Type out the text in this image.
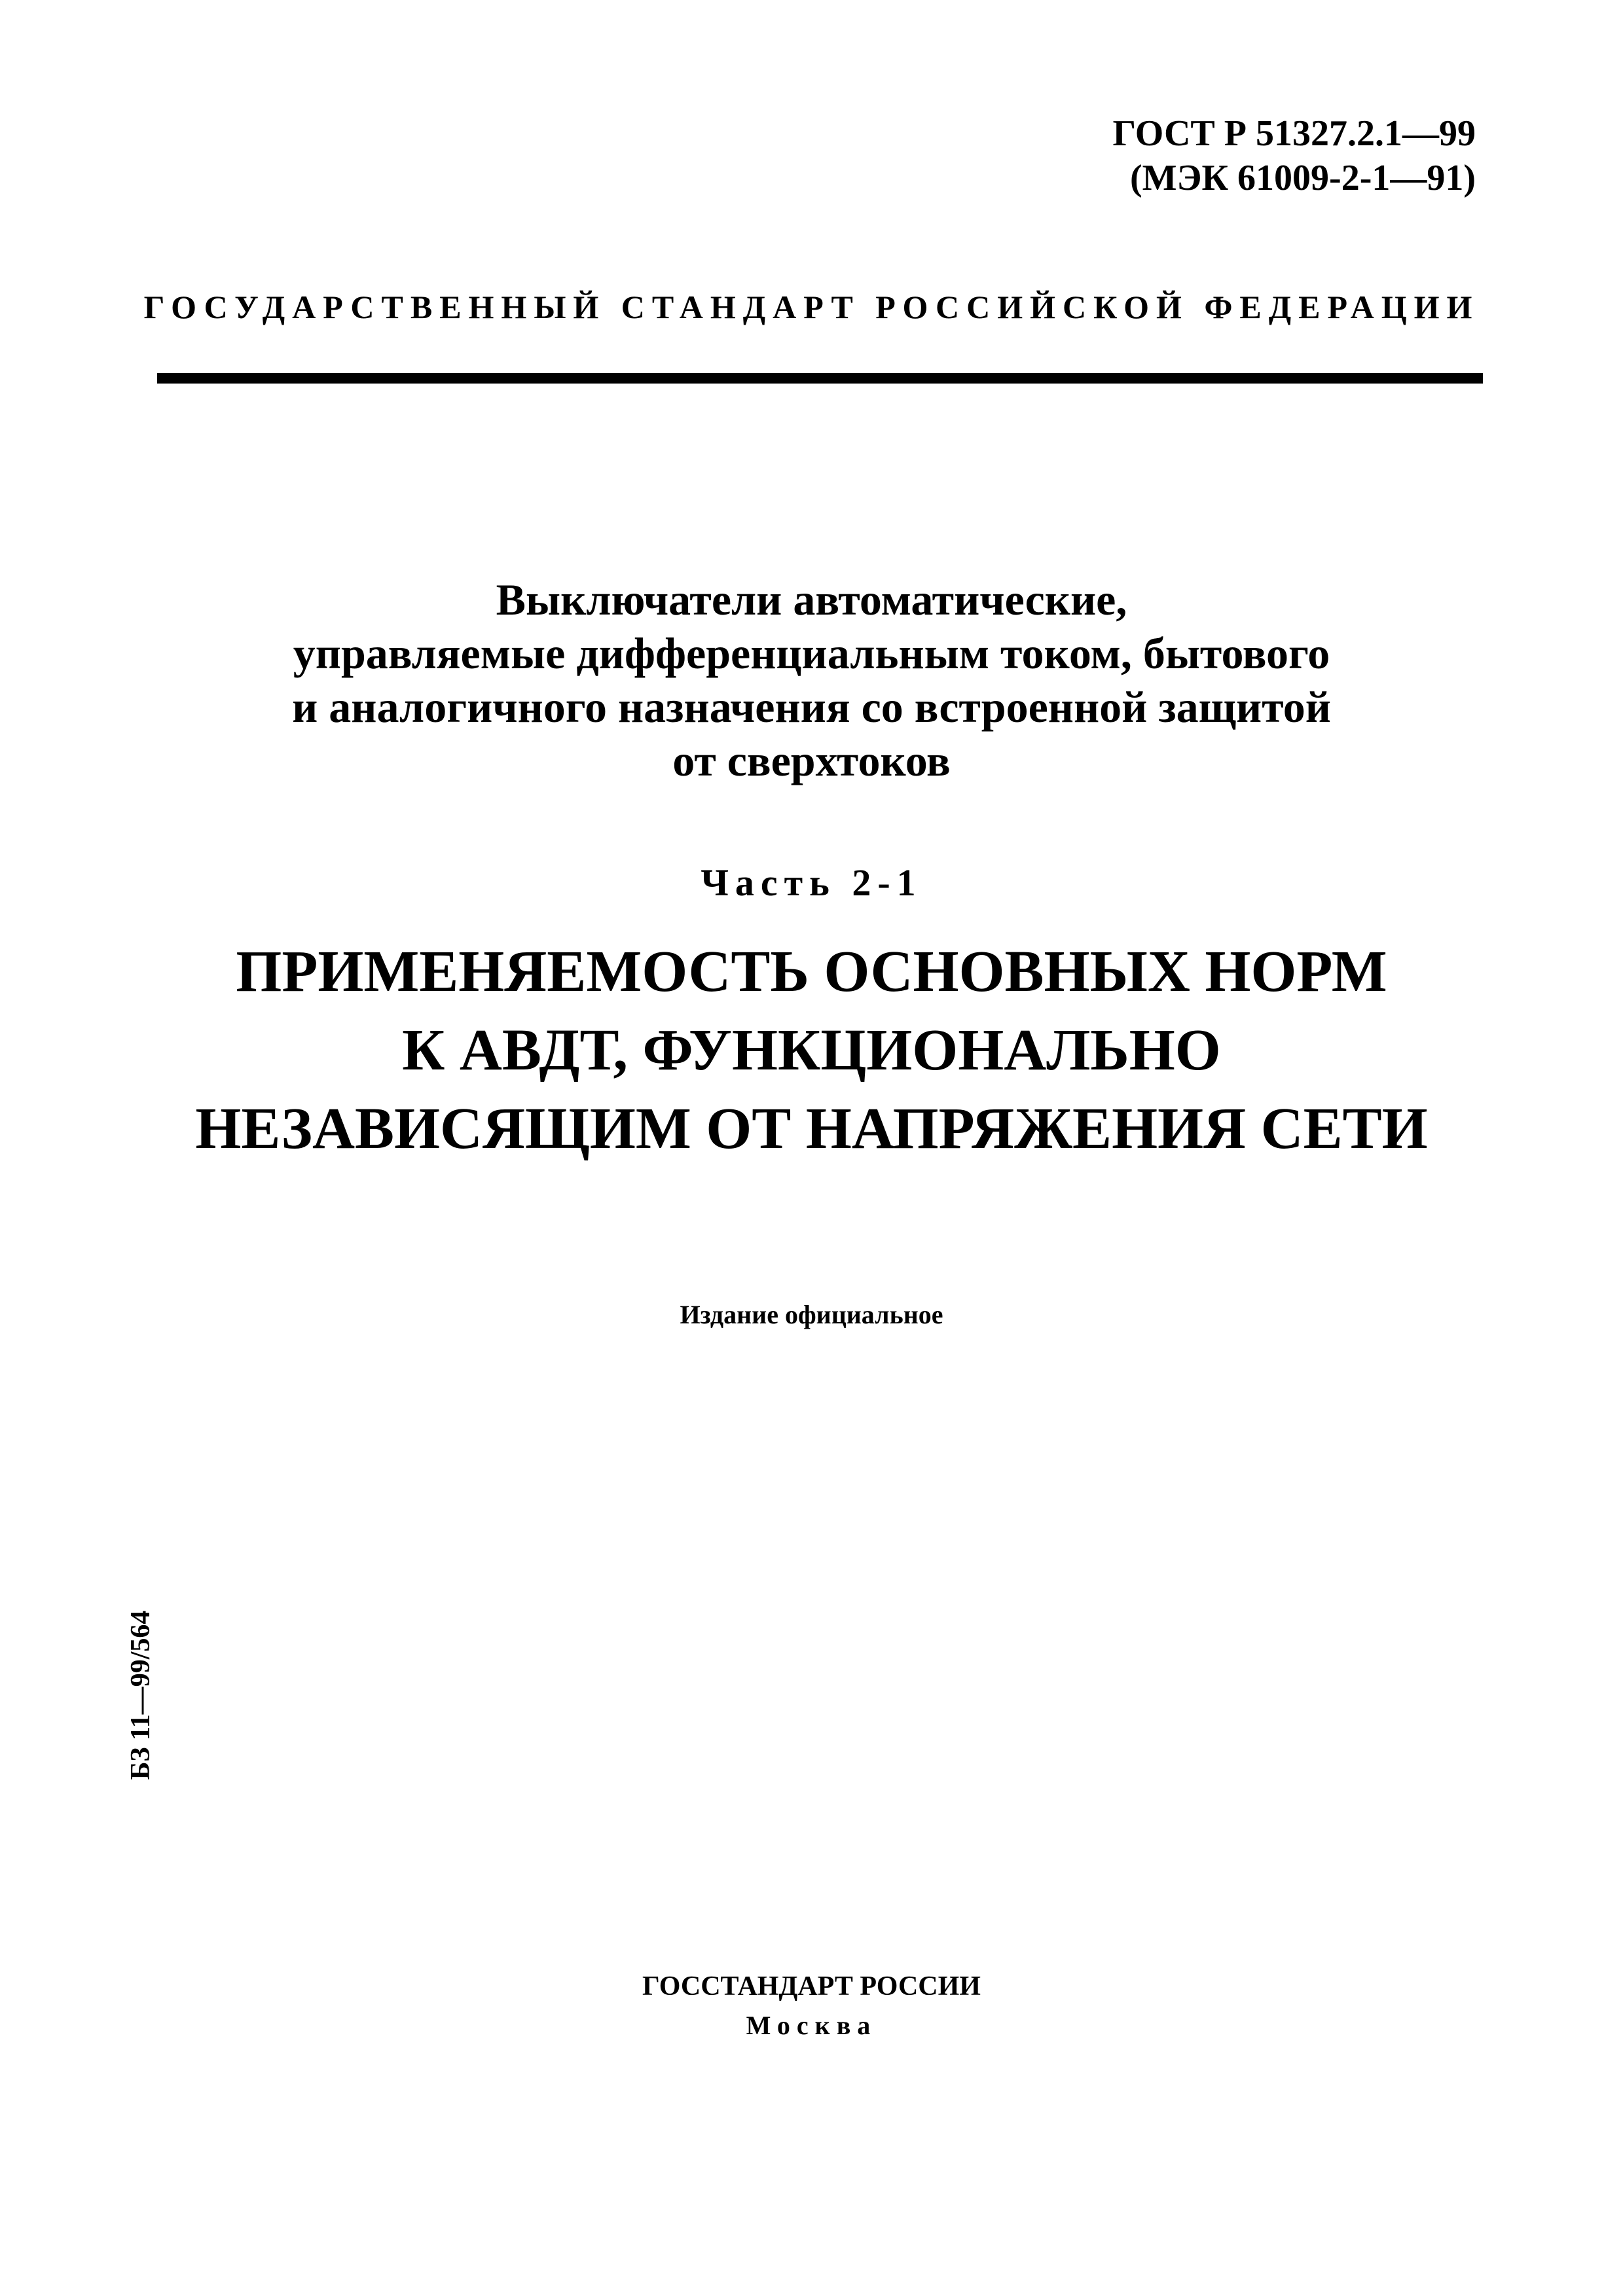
ГОСТ Р 51327.2.1—99
(МЭК 61009-2-1—91)
ГОСУДАРСТВЕННЫЙ СТАНДАРТ РОССИЙСКОЙ ФЕДЕРАЦИИ
Выключатели автоматические,
управляемые дифференциальным током, бытового
и аналогичного назначения со встроенной защитой
от сверхтоков
Часть 2-1
ПРИМЕНЯЕМОСТЬ ОСНОВНЫХ НОРМ
К АВДТ, ФУНКЦИОНАЛЬНО
НЕЗАВИСЯЩИМ ОТ НАПРЯЖЕНИЯ СЕТИ
Издание официальное
БЗ 11—99/564
ГОССТАНДАРТ РОССИИ
Москва
